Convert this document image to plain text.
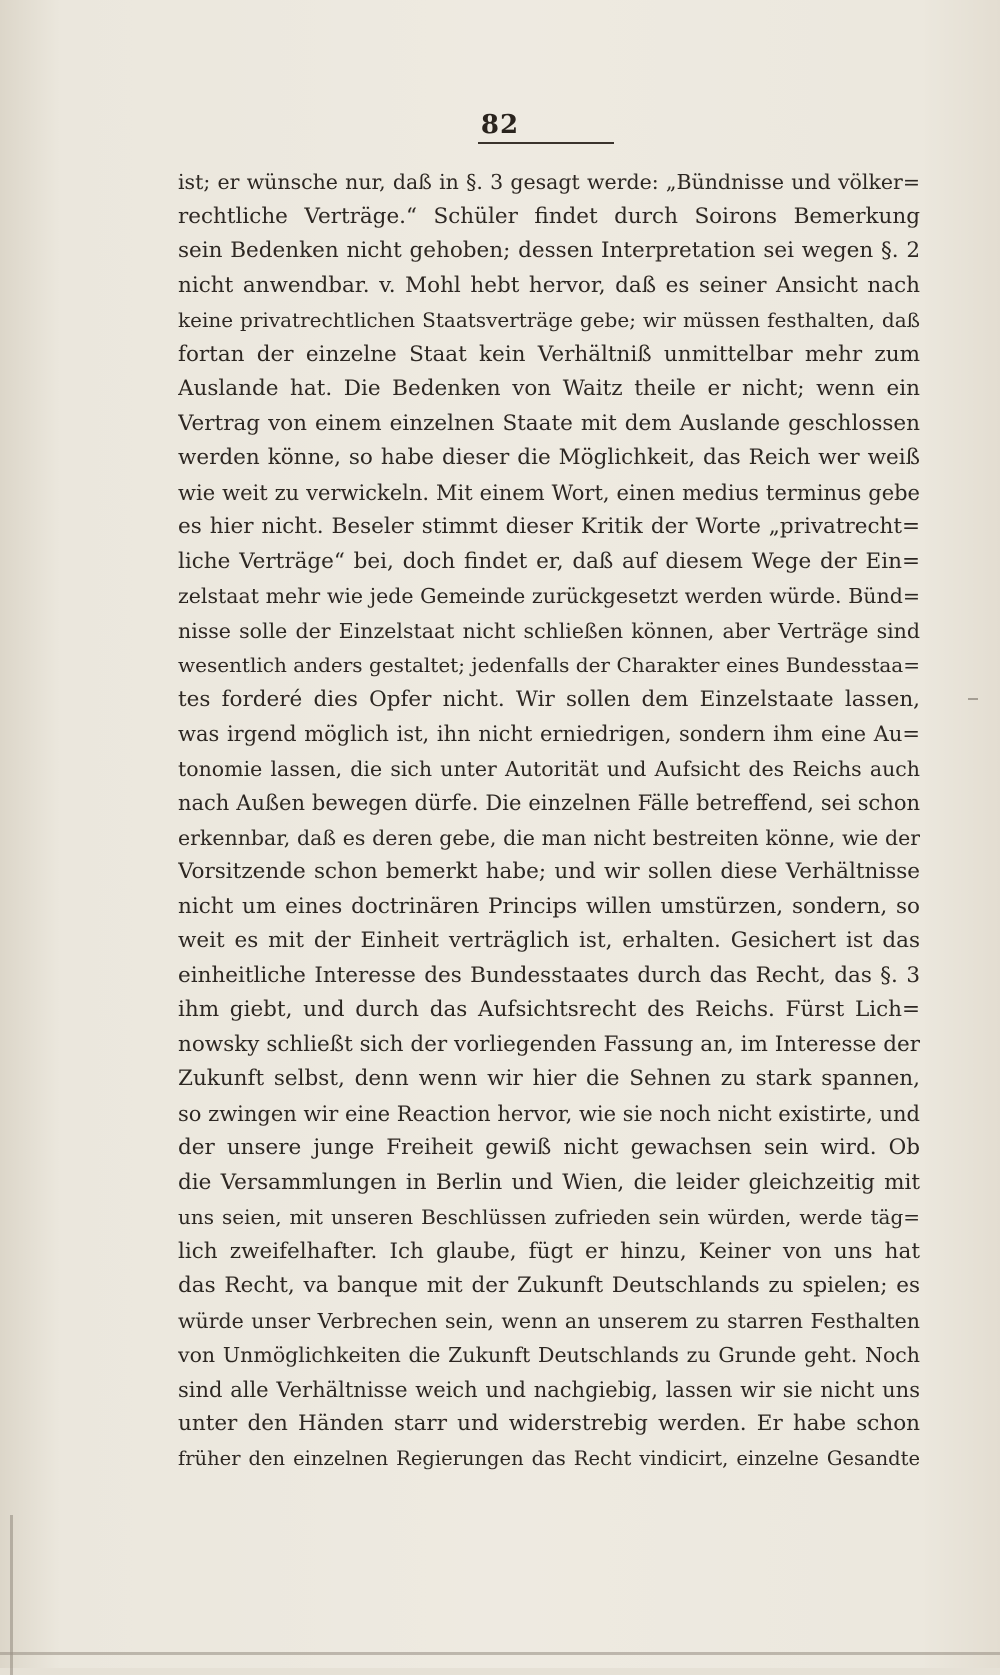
82
ist; er wünsche nur, daß in §. 3 gesagt werde: „Bündnisse und völker=
rechtliche Verträge.“ Schüler findet durch Soirons Bemerkung
sein Bedenken nicht gehoben; dessen Interpretation sei wegen §. 2
nicht anwendbar. v. Mohl hebt hervor, daß es seiner Ansicht nach
keine privatrechtlichen Staatsverträge gebe; wir müssen festhalten, daß
fortan der einzelne Staat kein Verhältniß unmittelbar mehr zum
Auslande hat. Die Bedenken von Waitz theile er nicht; wenn ein
Vertrag von einem einzelnen Staate mit dem Auslande geschlossen
werden könne, so habe dieser die Möglichkeit, das Reich wer weiß
wie weit zu verwickeln. Mit einem Wort, einen medius terminus gebe
es hier nicht. Beseler stimmt dieser Kritik der Worte „privatrecht=
liche Verträge“ bei, doch findet er, daß auf diesem Wege der Ein=
zelstaat mehr wie jede Gemeinde zurückgesetzt werden würde. Bünd=
nisse solle der Einzelstaat nicht schließen können, aber Verträge sind
wesentlich anders gestaltet; jedenfalls der Charakter eines Bundesstaa=
tes forderé dies Opfer nicht. Wir sollen dem Einzelstaate lassen,
was irgend möglich ist, ihn nicht erniedrigen, sondern ihm eine Au=
tonomie lassen, die sich unter Autorität und Aufsicht des Reichs auch
nach Außen bewegen dürfe. Die einzelnen Fälle betreffend, sei schon
erkennbar, daß es deren gebe, die man nicht bestreiten könne, wie der
Vorsitzende schon bemerkt habe; und wir sollen diese Verhältnisse
nicht um eines doctrinären Princips willen umstürzen, sondern, so
weit es mit der Einheit verträglich ist, erhalten. Gesichert ist das
einheitliche Interesse des Bundesstaates durch das Recht, das §. 3
ihm giebt, und durch das Aufsichtsrecht des Reichs. Fürst Lich=
nowsky schließt sich der vorliegenden Fassung an, im Interesse der
Zukunft selbst, denn wenn wir hier die Sehnen zu stark spannen,
so zwingen wir eine Reaction hervor, wie sie noch nicht existirte, und
der unsere junge Freiheit gewiß nicht gewachsen sein wird. Ob
die Versammlungen in Berlin und Wien, die leider gleichzeitig mit
uns seien, mit unseren Beschlüssen zufrieden sein würden, werde täg=
lich zweifelhafter. Ich glaube, fügt er hinzu, Keiner von uns hat
das Recht, va banque mit der Zukunft Deutschlands zu spielen; es
würde unser Verbrechen sein, wenn an unserem zu starren Festhalten
von Unmöglichkeiten die Zukunft Deutschlands zu Grunde geht. Noch
sind alle Verhältnisse weich und nachgiebig, lassen wir sie nicht uns
unter den Händen starr und widerstrebig werden. Er habe schon
früher den einzelnen Regierungen das Recht vindicirt, einzelne Gesandte
